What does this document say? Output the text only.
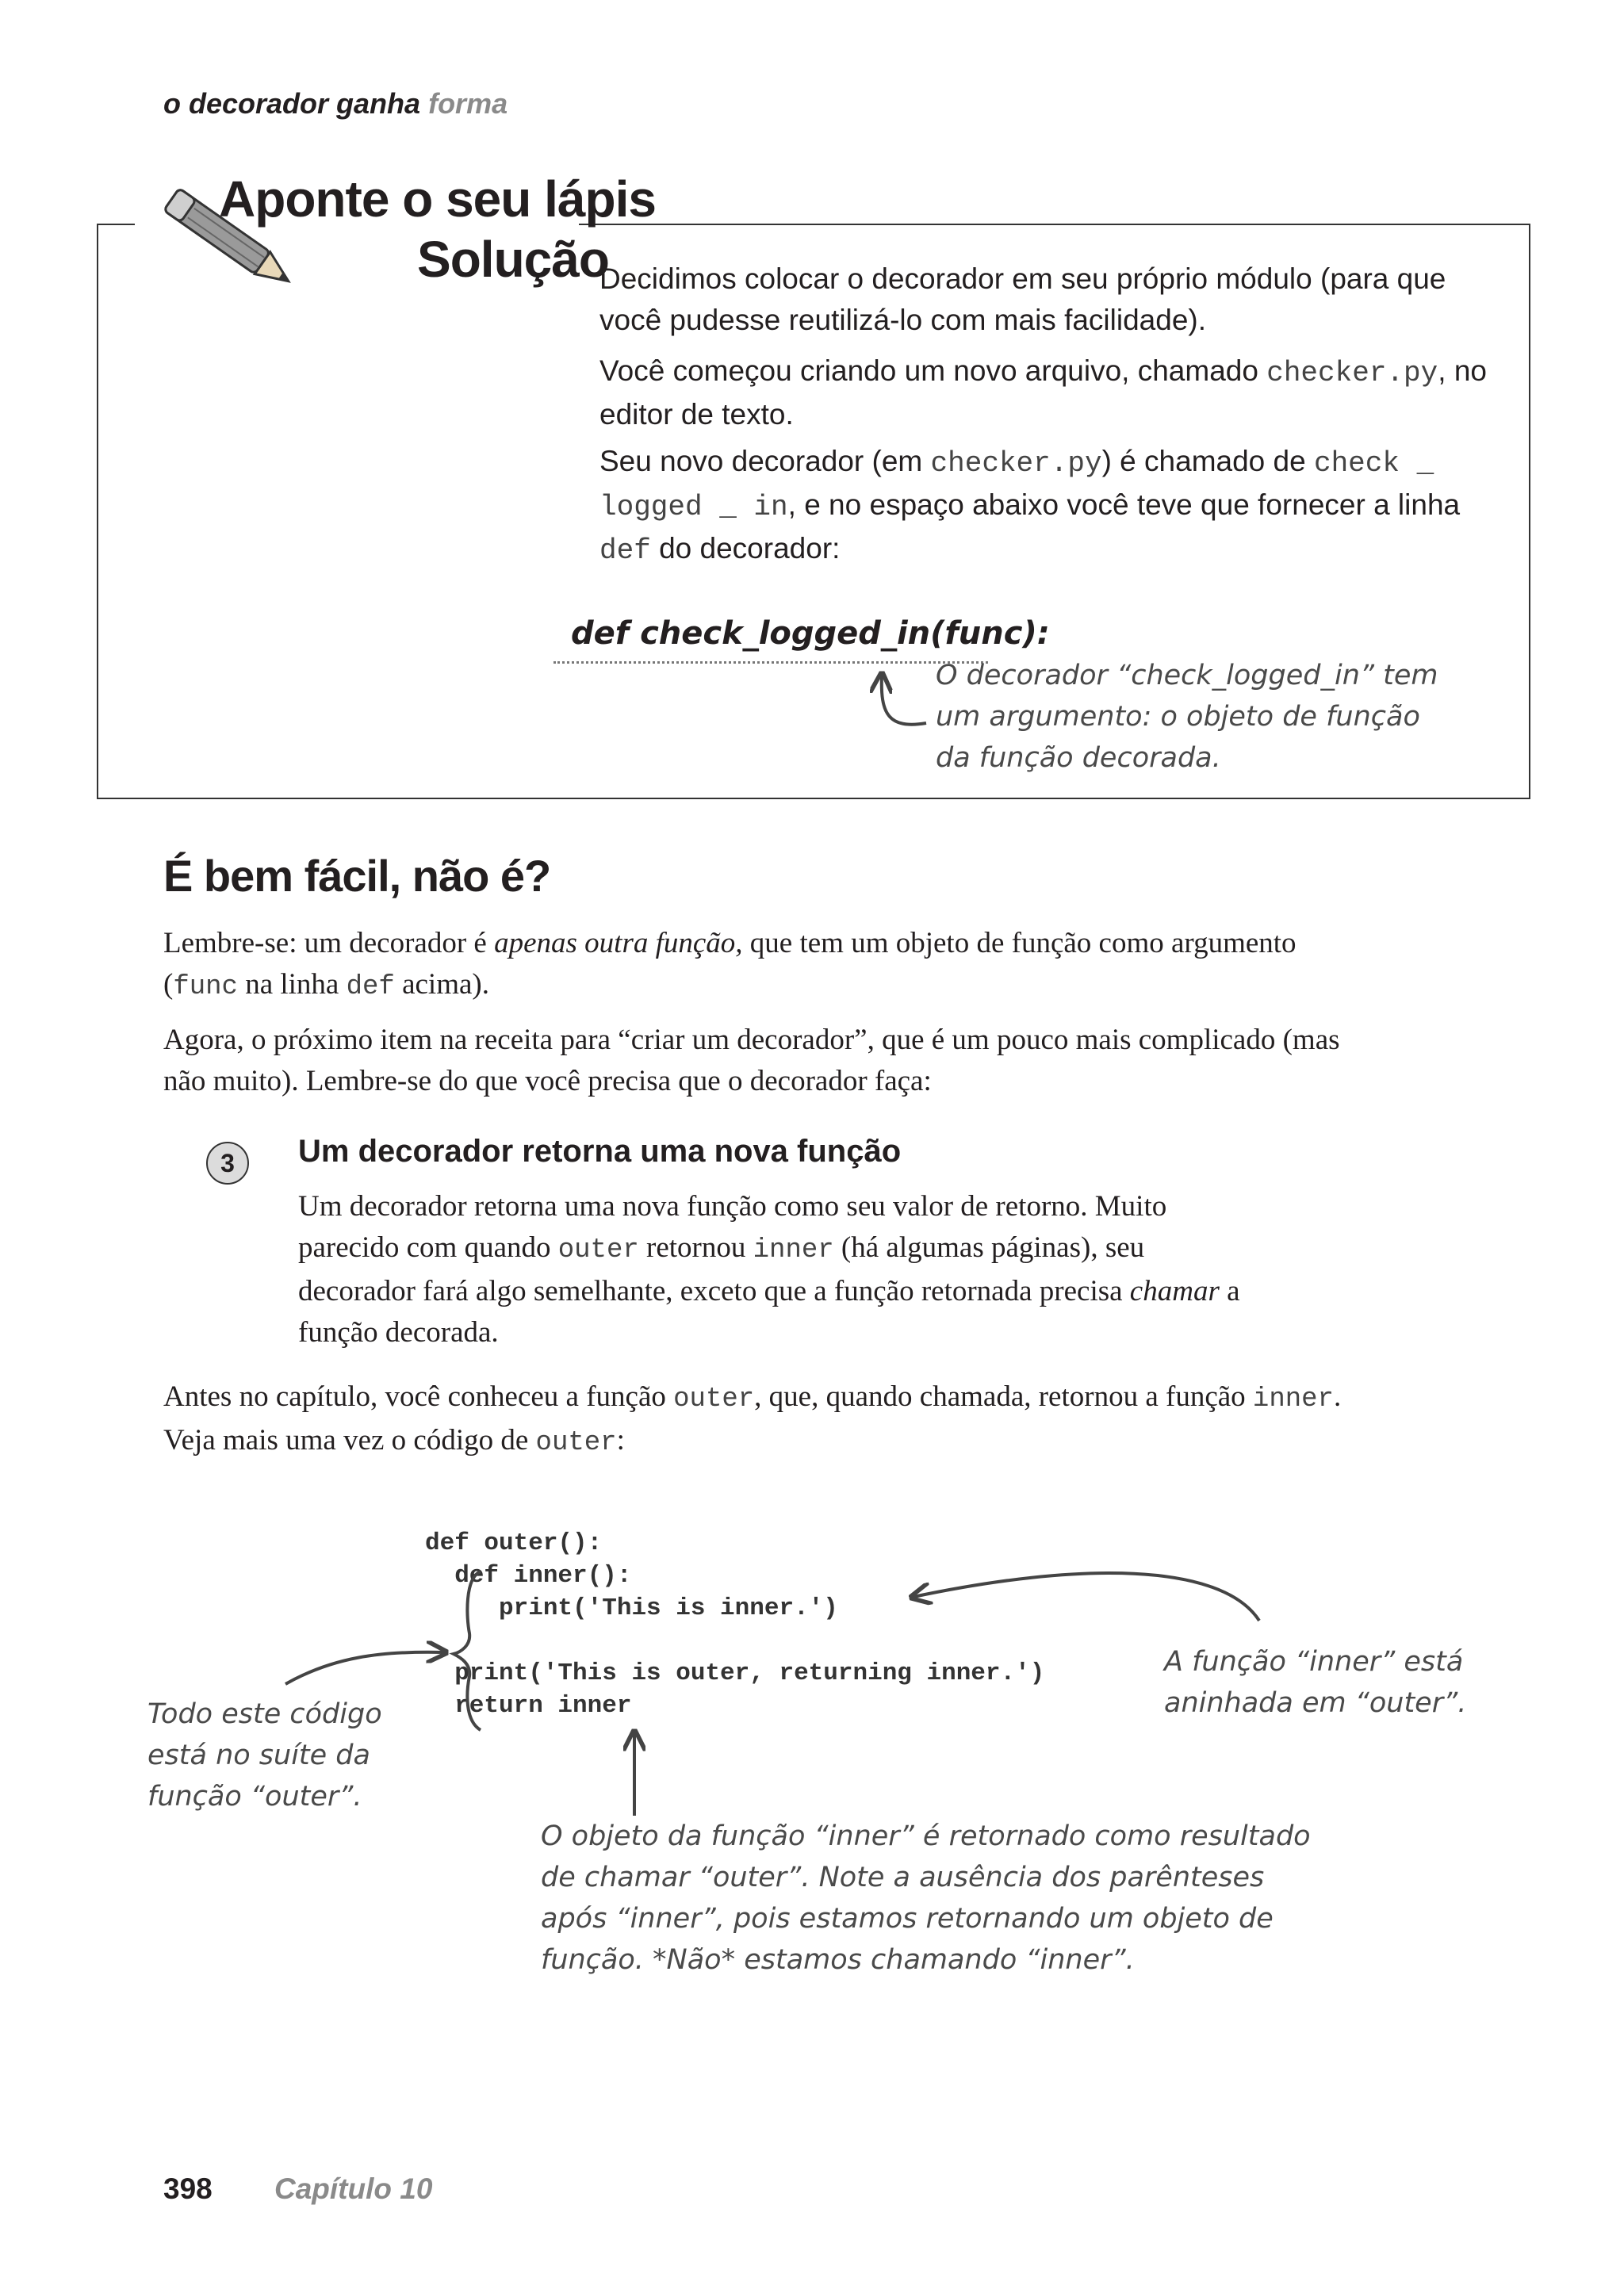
o decorador ganha forma
Aponte o seu lápis
Solução
Decidimos colocar o decorador em seu próprio módulo (para que você pudesse reutilizá-lo com mais facilidade).
Você começou criando um novo arquivo, chamado checker.py, no editor de texto.
Seu novo decorador (em checker.py) é chamado de check _ logged _ in, e no espaço abaixo você teve que fornecer a linha def do decorador:
def check_logged_in(func):
O decorador “check_logged_in” tem um argumento: o objeto de função da função decorada.
É bem fácil, não é?
Lembre-se: um decorador é apenas outra função, que tem um objeto de função como argumento (func na linha def acima).
Agora, o próximo item na receita para “criar um decorador”, que é um pouco mais complicado (mas não muito). Lembre-se do que você precisa que o decorador faça:
3	Um decorador retorna uma nova função
Um decorador retorna uma nova função como seu valor de retorno. Muito parecido com quando outer retornou inner (há algumas páginas), seu decorador fará algo semelhante, exceto que a função retornada precisa chamar a função decorada.
Antes no capítulo, você conheceu a função outer, que, quando chamada, retornou a função inner. Veja mais uma vez o código de outer:
def outer():
def inner():
print('This is inner.')

print('This is outer, returning inner.')
return inner
Todo este código está no suíte da função “outer”.
A função “inner” está aninhada em “outer”.
O objeto da função “inner” é retornado como resultado de chamar “outer”. Note a ausência dos parênteses após “inner”, pois estamos retornando um objeto de função. *Não* estamos chamando “inner”.
398 Capítulo 10
